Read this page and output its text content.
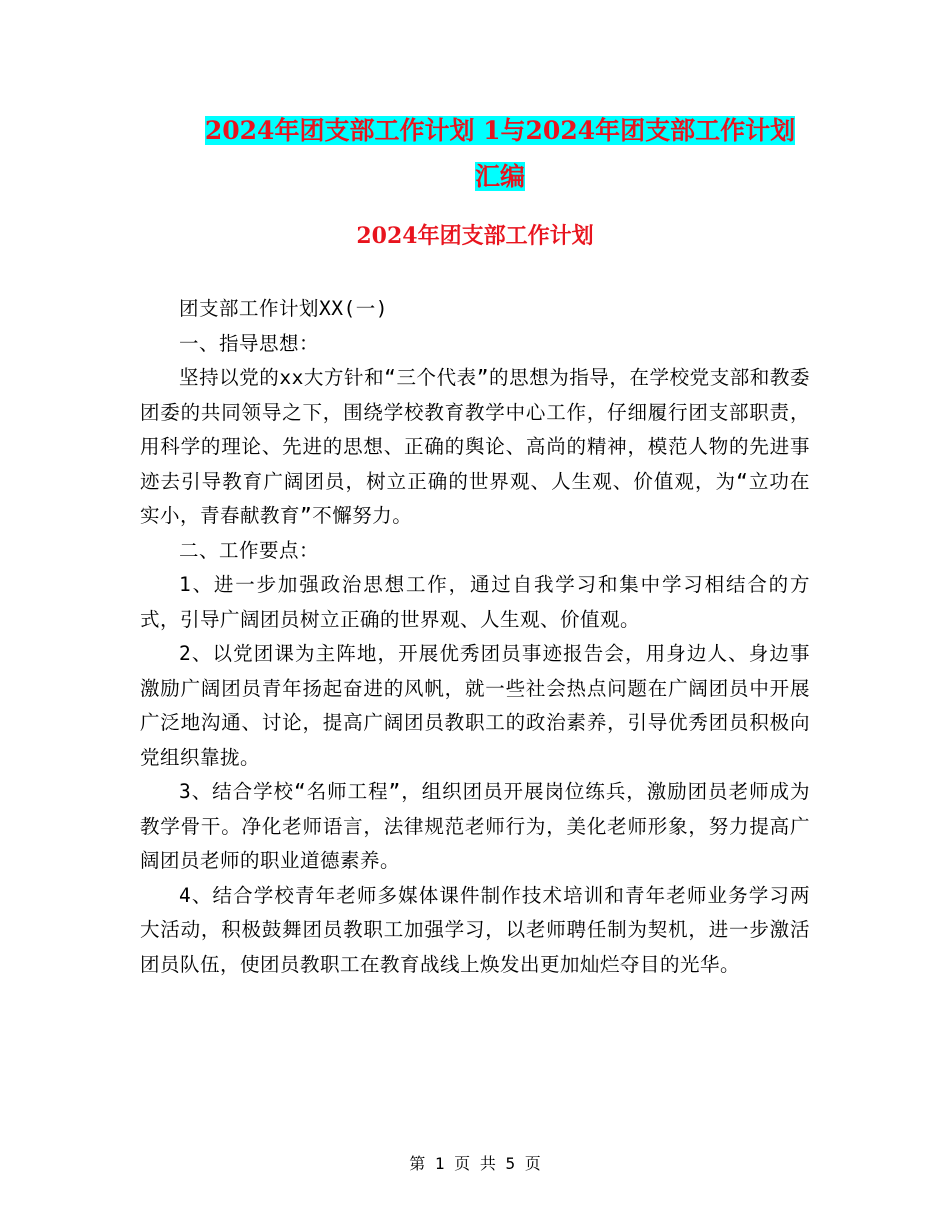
2024年团支部工作计划 1与2024年团支部工作计划
汇编
2024年团支部工作计划

团支部工作计划XX(一)

一、指导思想：

坚持以党的xx大方针和“三个代表”的思想为指导，在学校党支部和教委团委的共同领导之下，围绕学校教育教学中心工作，仔细履行团支部职责，用科学的理论、先进的思想、正确的舆论、高尚的精神，模范人物的先进事迹去引导教育广阔团员，树立正确的世界观、人生观、价值观，为“立功在实小，青春献教育”不懈努力。

二、工作要点：

1、进一步加强政治思想工作，通过自我学习和集中学习相结合的方式，引导广阔团员树立正确的世界观、人生观、价值观。

2、以党团课为主阵地，开展优秀团员事迹报告会，用身边人、身边事激励广阔团员青年扬起奋进的风帆，就一些社会热点问题在广阔团员中开展广泛地沟通、讨论，提高广阔团员教职工的政治素养，引导优秀团员积极向党组织靠拢。

3、结合学校“名师工程”，组织团员开展岗位练兵，激励团员老师成为教学骨干。净化老师语言，法律规范老师行为，美化老师形象，努力提高广阔团员老师的职业道德素养。

4、结合学校青年老师多媒体课件制作技术培训和青年老师业务学习两大活动，积极鼓舞团员教职工加强学习，以老师聘任制为契机，进一步激活团员队伍，使团员教职工在教育战线上焕发出更加灿烂夺目的光华。

第 1 页 共 5 页
